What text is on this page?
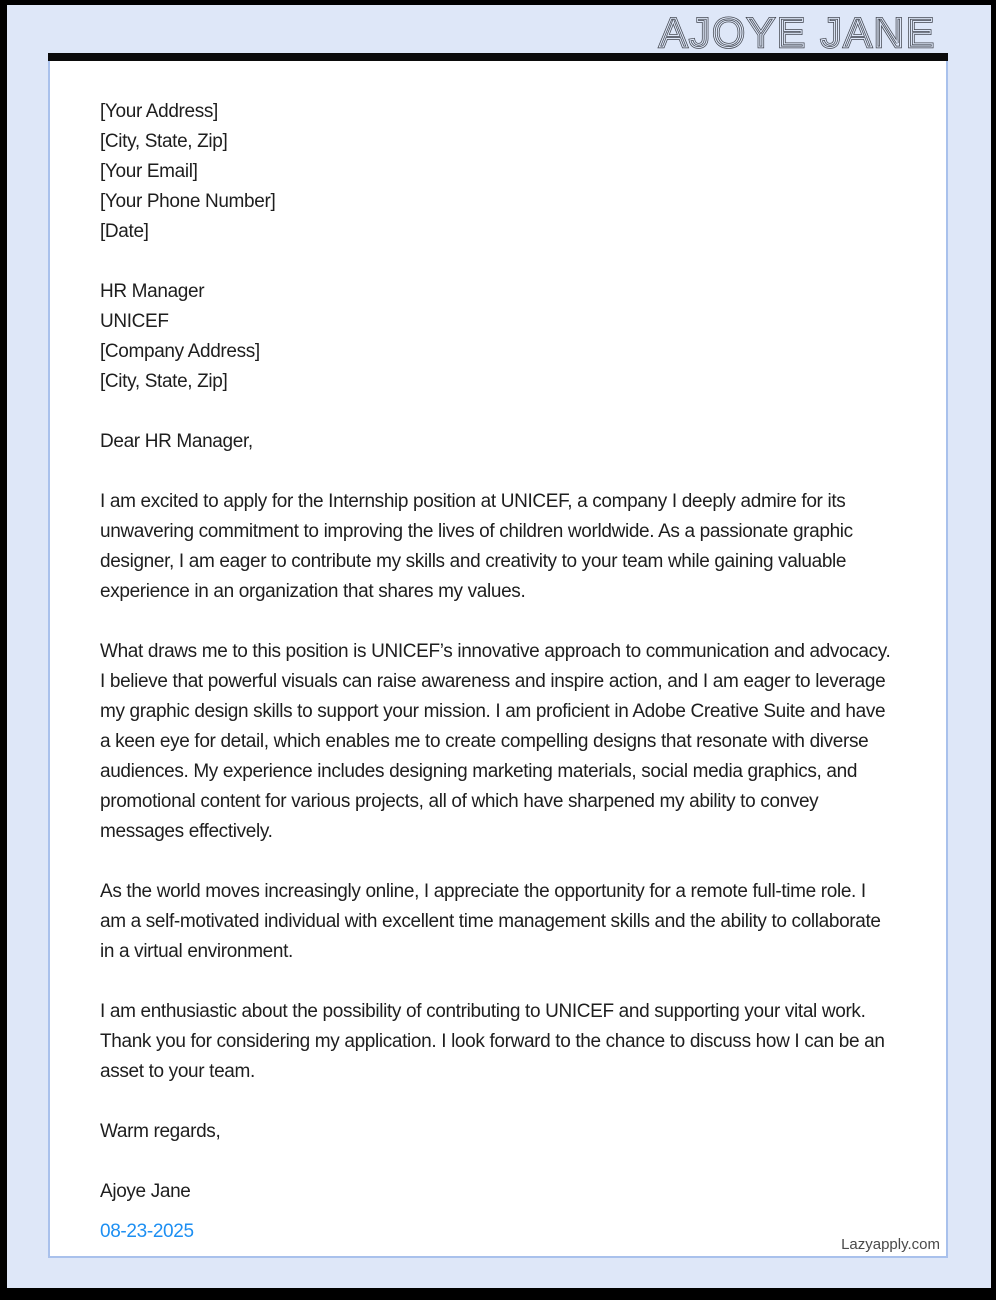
AJOYE JANE AJOYE JANE
[Your Address]
[City, State, Zip]
[Your Email]
[Your Phone Number]
[Date]
HR Manager
UNICEF
[Company Address]
[City, State, Zip]
Dear HR Manager,
I am excited to apply for the Internship position at UNICEF, a company I deeply admire for its unwavering commitment to improving the lives of children worldwide. As a passionate graphic designer, I am eager to contribute my skills and creativity to your team while gaining valuable experience in an organization that shares my values.
What draws me to this position is UNICEF’s innovative approach to communication and advocacy. I believe that powerful visuals can raise awareness and inspire action, and I am eager to leverage my graphic design skills to support your mission. I am proficient in Adobe Creative Suite and have a keen eye for detail, which enables me to create compelling designs that resonate with diverse audiences. My experience includes designing marketing materials, social media graphics, and promotional content for various projects, all of which have sharpened my ability to convey messages effectively.
As the world moves increasingly online, I appreciate the opportunity for a remote full-time role. I am a self-motivated individual with excellent time management skills and the ability to collaborate in a virtual environment.
I am enthusiastic about the possibility of contributing to UNICEF and supporting your vital work. Thank you for considering my application. I look forward to the chance to discuss how I can be an asset to your team.
Warm regards,
Ajoye Jane
08-23-2025
Lazyapply.com
